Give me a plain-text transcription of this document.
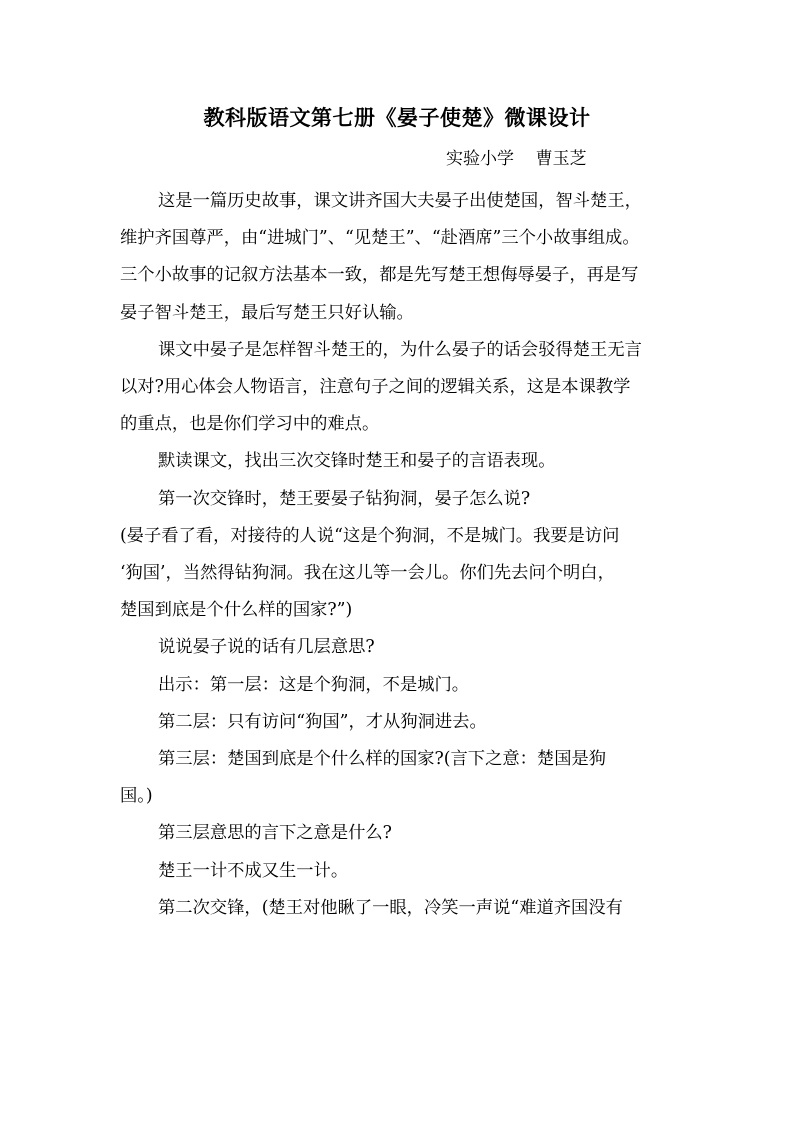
教科版语文第七册《晏子使楚》微课设计
实验小学    曹玉芝
这是一篇历史故事，课文讲齐国大夫晏子出使楚国，智斗楚王，
维护齐国尊严，由“进城门”、“见楚王”、“赴酒席”三个小故事组成。
三个小故事的记叙方法基本一致，都是先写楚王想侮辱晏子，再是写
晏子智斗楚王，最后写楚王只好认输。
课文中晏子是怎样智斗楚王的，为什么晏子的话会驳得楚王无言
以对?用心体会人物语言，注意句子之间的逻辑关系，这是本课教学
的重点，也是你们学习中的难点。
默读课文，找出三次交锋时楚王和晏子的言语表现。
第一次交锋时，楚王要晏子钻狗洞，晏子怎么说?
(晏子看了看，对接待的人说“这是个狗洞，不是城门。我要是访问
‘狗国’，当然得钻狗洞。我在这儿等一会儿。你们先去问个明白，
楚国到底是个什么样的国家?”)
说说晏子说的话有几层意思?
出示：第一层：这是个狗洞，不是城门。
第二层：只有访问“狗国”，才从狗洞进去。
第三层：楚国到底是个什么样的国家?(言下之意：楚国是狗
国。)
第三层意思的言下之意是什么?
楚王一计不成又生一计。
第二次交锋，(楚王对他瞅了一眼，冷笑一声说“难道齐国没有
